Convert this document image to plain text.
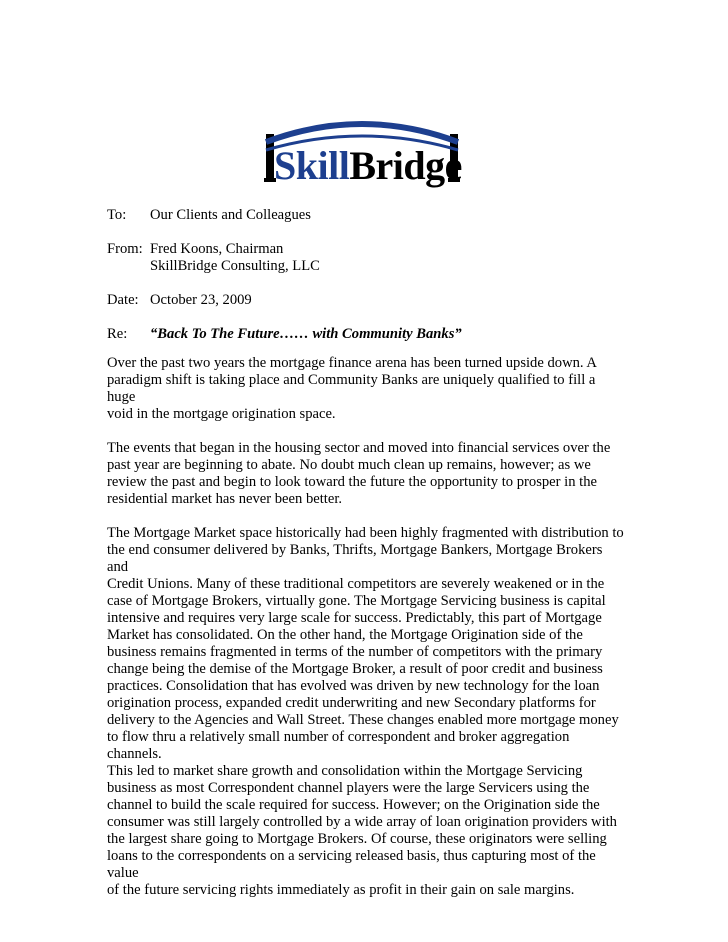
SkillBridge
To:	Our Clients and Colleagues
From: Fred Koons, Chairman
SkillBridge Consulting, LLC
Date: October 23, 2009
Re:	“Back To The Future…… with Community Banks”

Over the past two years the mortgage finance arena has been turned upside down. A
paradigm shift is taking place and Community Banks are uniquely qualified to fill a huge
void in the mortgage origination space.

The events that began in the housing sector and moved into financial services over the
past year are beginning to abate. No doubt much clean up remains, however; as we
review the past and begin to look toward the future the opportunity to prosper in the
residential market has never been better.

The Mortgage Market space historically had been highly fragmented with distribution to
the end consumer delivered by Banks, Thrifts, Mortgage Bankers, Mortgage Brokers and
Credit Unions. Many of these traditional competitors are severely weakened or in the
case of Mortgage Brokers, virtually gone. The Mortgage Servicing business is capital
intensive and requires very large scale for success. Predictably, this part of Mortgage
Market has consolidated. On the other hand, the Mortgage Origination side of the
business remains fragmented in terms of the number of competitors with the primary
change being the demise of the Mortgage Broker, a result of poor credit and business
practices. Consolidation that has evolved was driven by new technology for the loan
origination process, expanded credit underwriting and new Secondary platforms for
delivery to the Agencies and Wall Street. These changes enabled more mortgage money
to flow thru a relatively small number of correspondent and broker aggregation channels.
This led to market share growth and consolidation within the Mortgage Servicing
business as most Correspondent channel players were the large Servicers using the
channel to build the scale required for success. However; on the Origination side the
consumer was still largely controlled by a wide array of loan origination providers with
the largest share going to Mortgage Brokers. Of course, these originators were selling
loans to the correspondents on a servicing released basis, thus capturing most of the value
of the future servicing rights immediately as profit in their gain on sale margins.
